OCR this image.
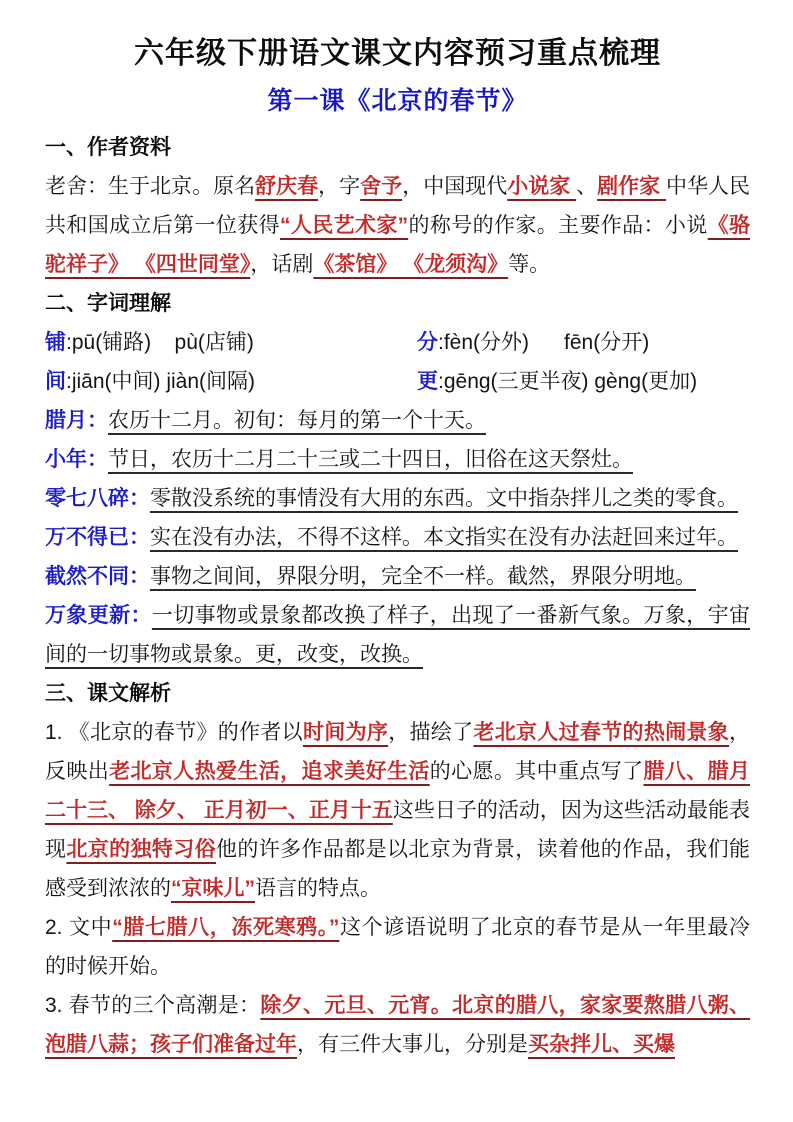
六年级下册语文课文内容预习重点梳理
第一课《北京的春节》

一、作者资料

老舍：生于北京。原名舒庆春，字舍予，中国现代小说家 、剧作家 中华人民共和国成立后第一位获得“人民艺术家”的称号的作家。主要作品：小说《骆驼祥子》 《四世同堂》，话剧《茶馆》 《龙须沟》等。

二、字词理解

铺:pū(铺路)    pù(店铺)	分:fèn(分外)      fēn(分开)
间:jiān(中间) jiàn(间隔)	更:gēng(三更半夜) gèng(更加)

腊月：农历十二月。初旬：每月的第一个十天。

小年：节日，农历十二月二十三或二十四日，旧俗在这天祭灶。

零七八碎：零散没系统的事情没有大用的东西。文中指杂拌儿之类的零食。

万不得已：实在没有办法，不得不这样。本文指实在没有办法赶回来过年。

截然不同：事物之间间，界限分明，完全不一样。截然，界限分明地。

万象更新：一切事物或景象都改换了样子，出现了一番新气象。万象，宇宙间的一切事物或景象。更，改变，改换。

三、课文解析

1. 《北京的春节》的作者以时间为序，描绘了老北京人过春节的热闹景象，反映出老北京人热爱生活，追求美好生活的心愿。其中重点写了腊八、腊月二十三、 除夕、 正月初一、正月十五这些日子的活动，因为这些活动最能表现北京的独特习俗他的许多作品都是以北京为背景，读着他的作品，我们能感受到浓浓的“京味儿”语言的特点。

2. 文中“腊七腊八，冻死寒鸦。”这个谚语说明了北京的春节是从一年里最冷的时候开始。

3. 春节的三个高潮是：除夕、元旦、元宵。北京的腊八，家家要熬腊八粥、泡腊八蒜；孩子们准备过年，有三件大事儿，分别是买杂拌儿、买爆
